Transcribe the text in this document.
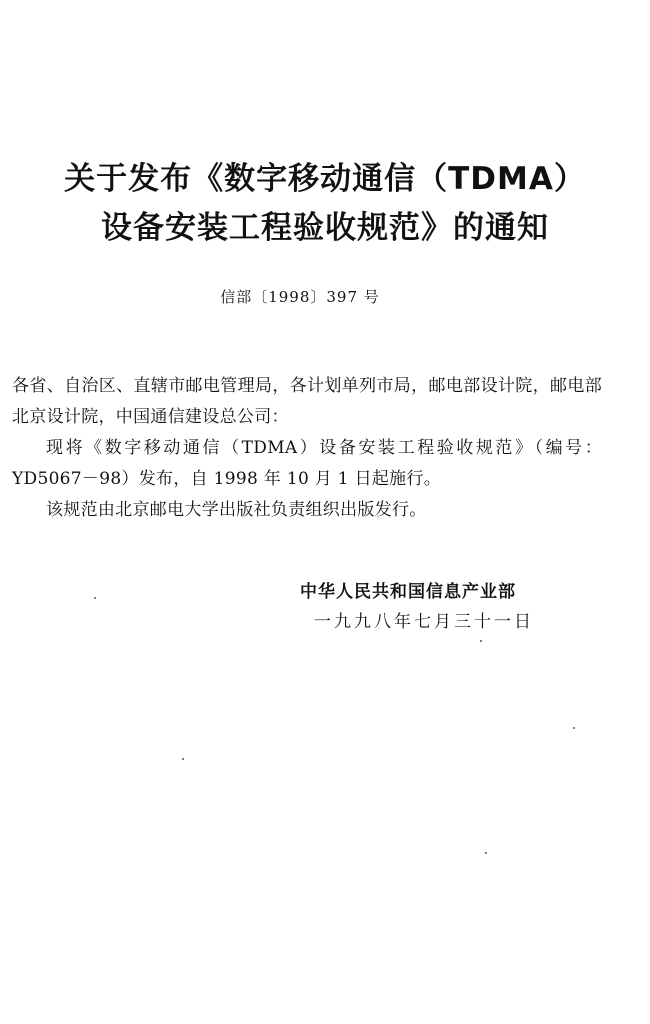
关于发布《数字移动通信（TDMA）
设备安装工程验收规范》的通知
信部〔1998〕397 号

各省、自治区、直辖市邮电管理局，各计划单列市局，邮电部设计院，邮电部北京设计院，中国通信建设总公司：

现将《数字移动通信（TDMA）设备安装工程验收规范》（编号：YD5067－98）发布，自 1998 年 10 月 1 日起施行。

该规范由北京邮电大学出版社负责组织出版发行。

中华人民共和国信息产业部
一九九八年七月三十一日
